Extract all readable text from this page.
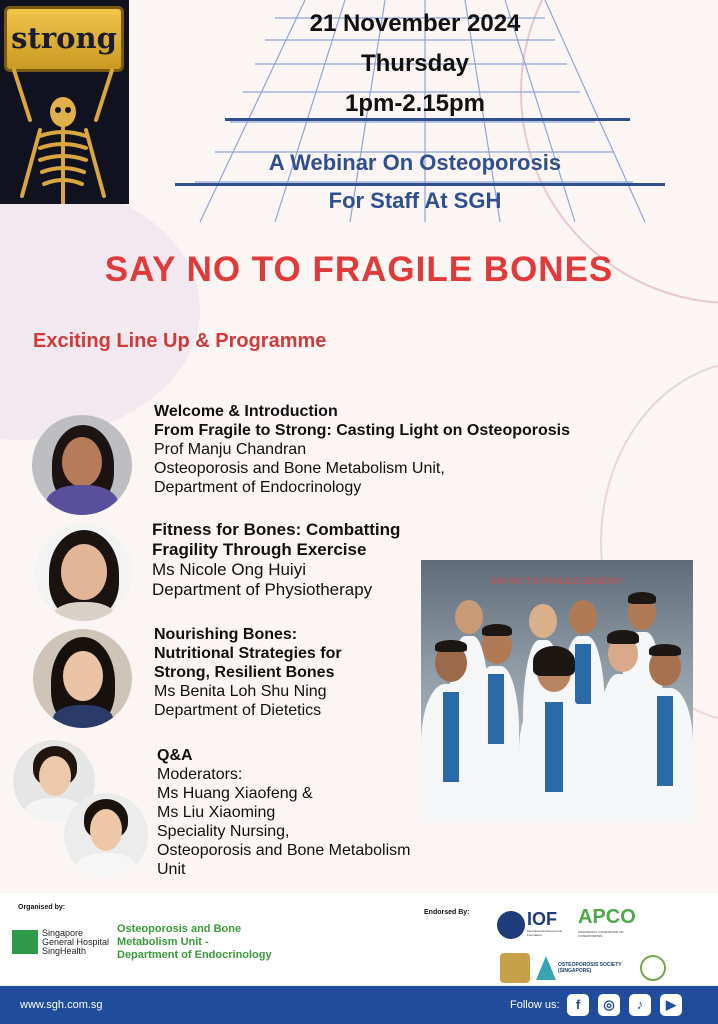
strong	21 November 2024
Thursday
1pm-2.15pm
A Webinar On Osteoporosis
For Staff At SGH
SAY NO TO FRAGILE BONES
Exciting Line Up & Programme
Welcome & Introduction
From Fragile to Strong: Casting Light on Osteoporosis
Prof Manju Chandran
Osteoporosis and Bone Metabolism Unit,
Department of Endocrinology
Fitness for Bones: Combatting
Fragility Through Exercise
Ms Nicole Ong Huiyi
Department of Physiotherapy
Nourishing Bones:
Nutritional Strategies for
Strong, Resilient Bones
Ms Benita Loh Shu Ning
Department of Dietetics
Q&A
Moderators:
Ms Huang Xiaofeng &
Ms Liu Xiaoming
Speciality Nursing,
Osteoporosis and Bone Metabolism
Unit
SAY NO TO FRAGILE BONES!!!!
Organised by:
Endorsed By:
Singapore
General Hospital
SingHealth
Osteoporosis and Bone
Metabolism Unit -
Department of Endocrinology
IOF
International Osteoporosis Foundation
APCO
ASIA PACIFIC CONSORTIUM ON OSTEOPOROSIS
OSTEOPOROSIS SOCIETY (SINGAPORE)
www.sgh.com.sg	Follow us:	f	◎	♪	▶
